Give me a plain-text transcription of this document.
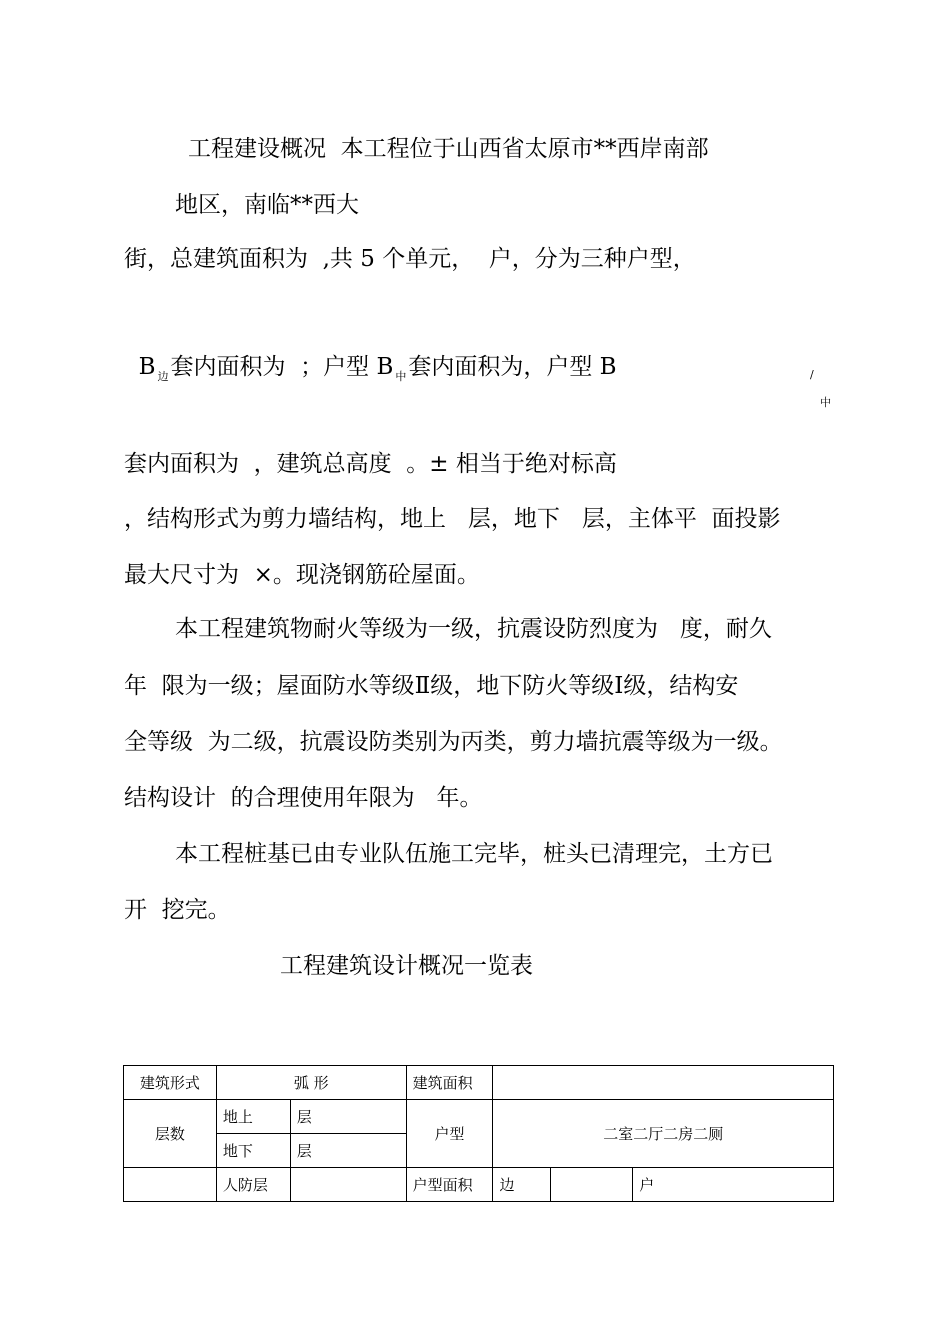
工程建设概况  本工程位于山西省太原市**西岸南部
地区，南临**西大
街，总建筑面积为  ,共 5 个单元，  户，分为三种户型，

B $_边$套内面积为  ；户型 B $_中$套内面积为，户型 B	/
中
套内面积为  ，建筑总高度  。± 相当于绝对标高
，结构形式为剪力墙结构，地上   层，地下   层，主体平  面投影
最大尺寸为  ×。现浇钢筋砼屋面。
本工程建筑物耐火等级为一级，抗震设防烈度为   度，耐久
年  限为一级；屋面防水等级Ⅱ级，地下防火等级Ⅰ级，结构安
全等级  为二级，抗震设防类别为丙类，剪力墙抗震等级为一级。
结构设计  的合理使用年限为   年。
本工程桩基已由专业队伍施工完毕，桩头已清理完，土方已
开  挖完。
工程建筑设计概况一览表
建筑形式	弧 形		建筑面积			
层数	地上	层	户型	二室二厅二房二厕		
	地下	层				
	人防层		户型面积	边		户
